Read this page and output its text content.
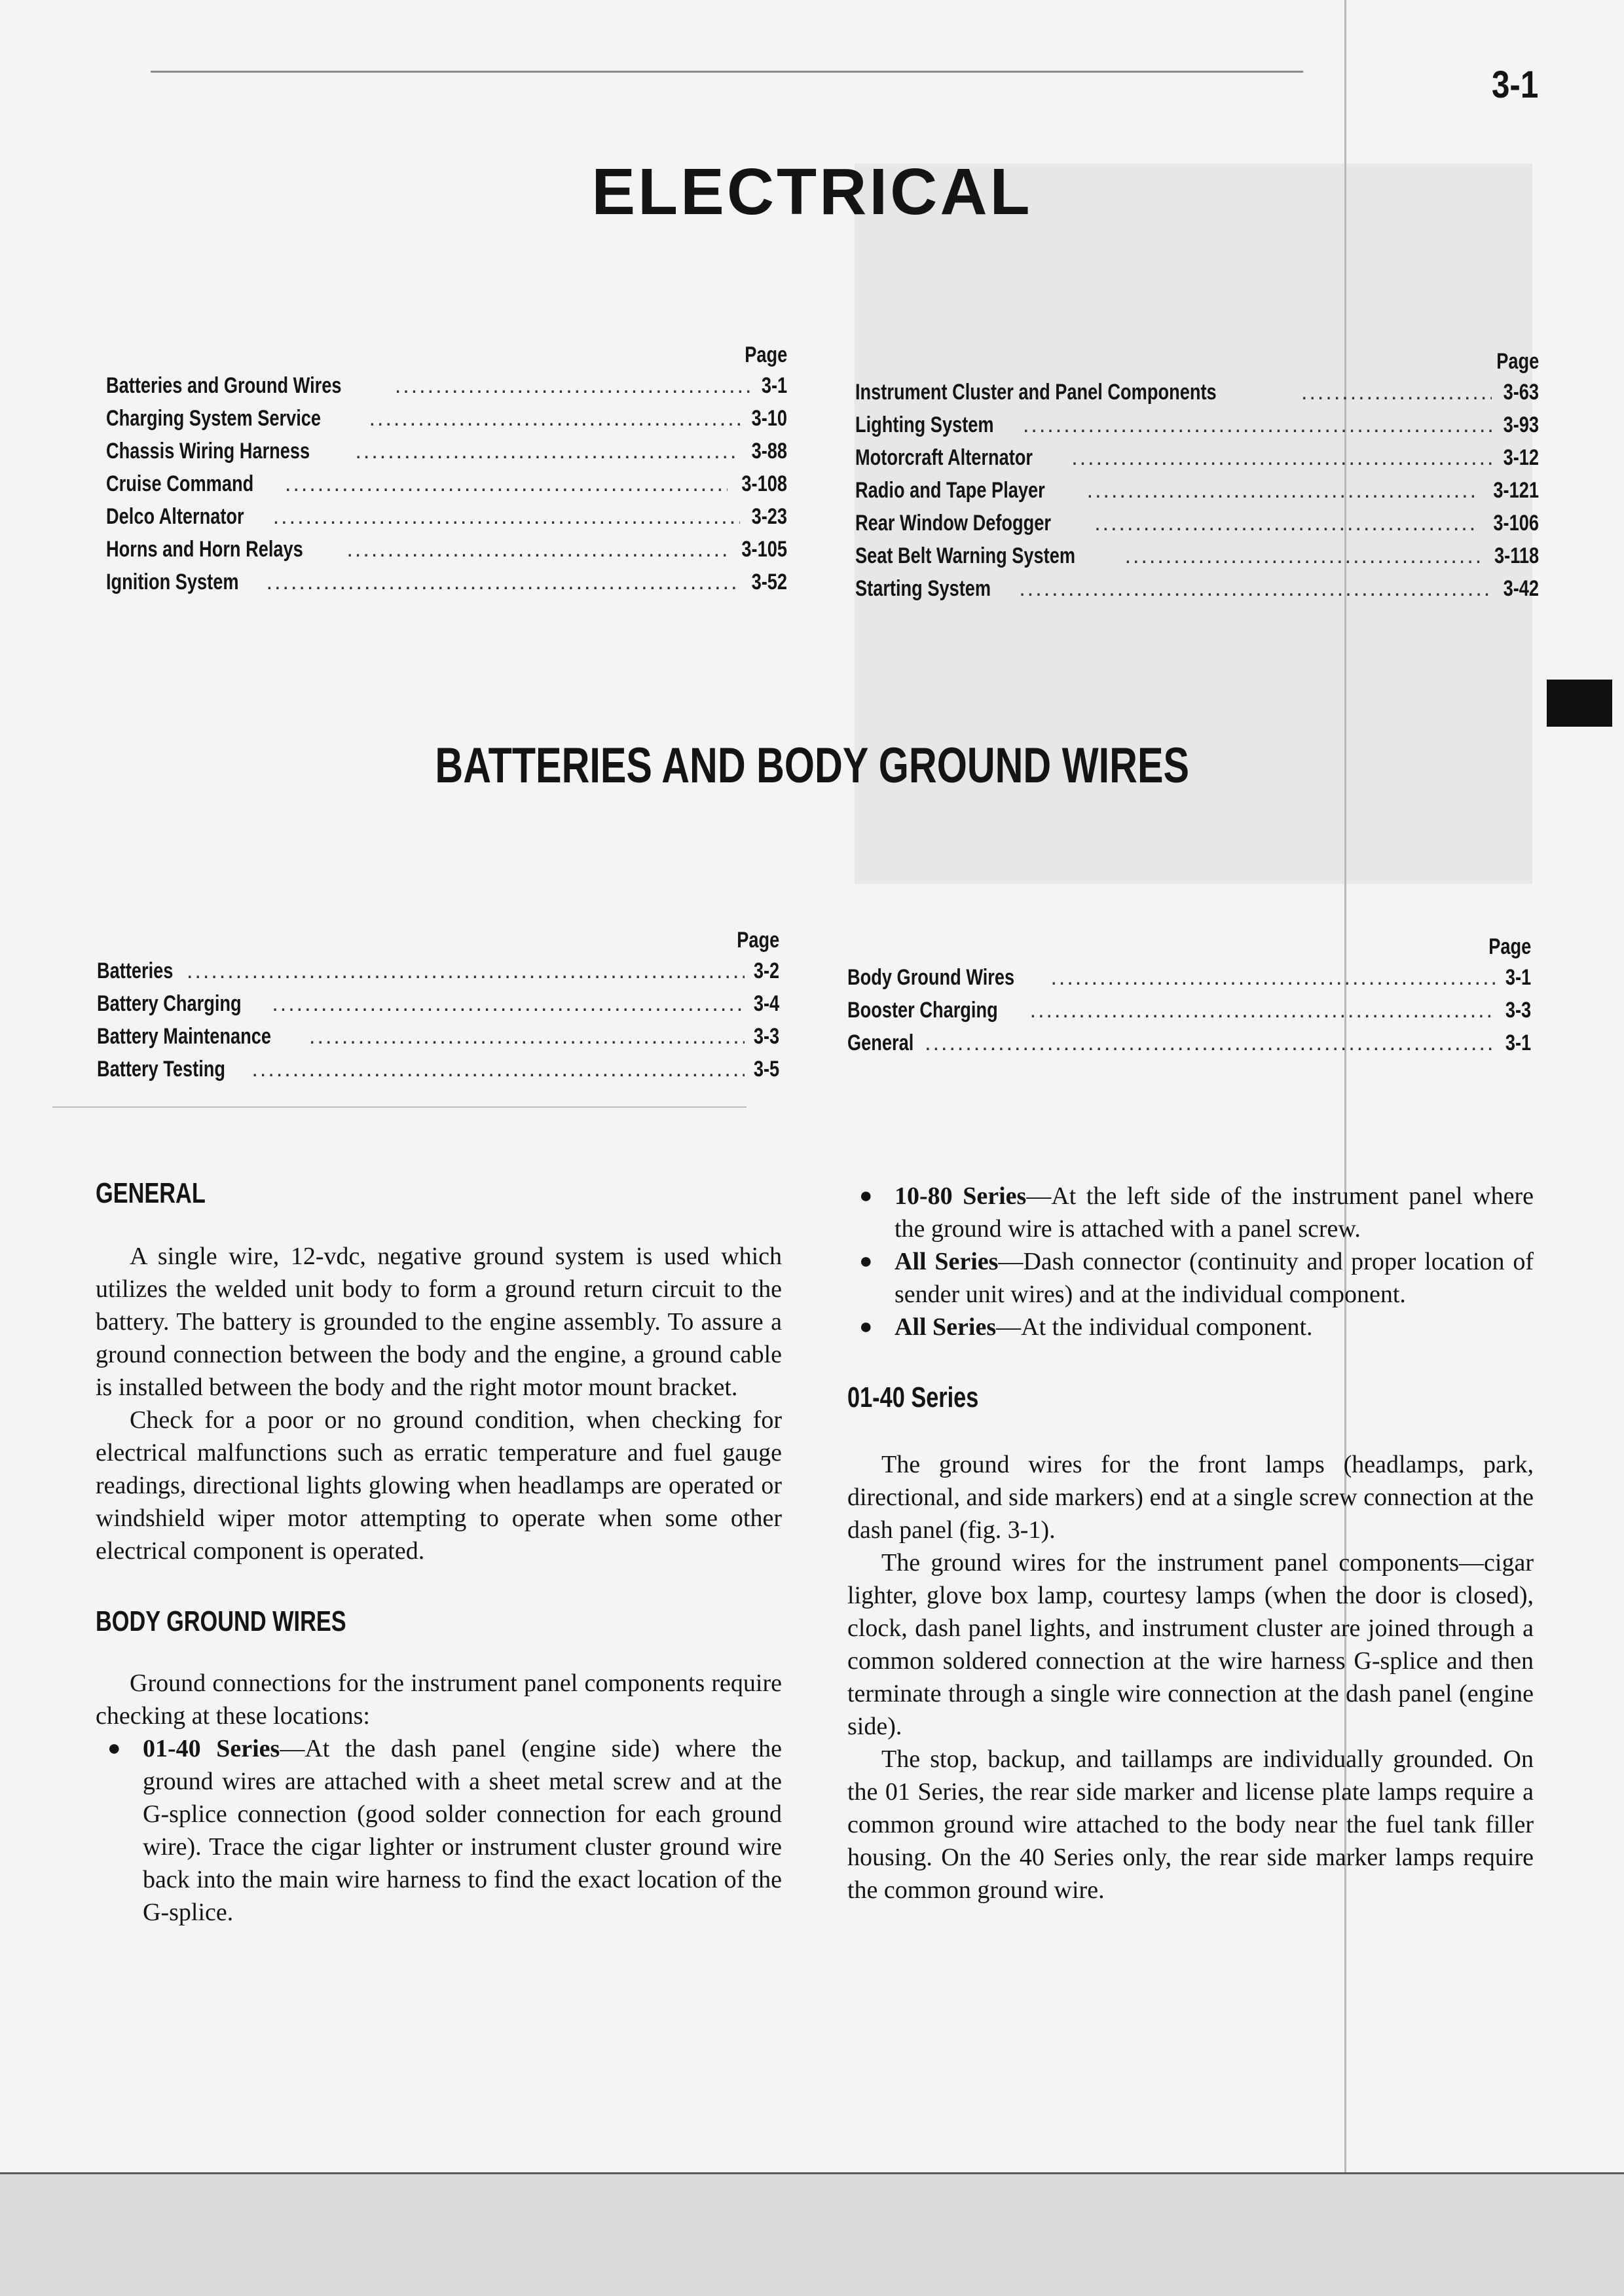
3-1
ELECTRICAL
Page
Batteries and Ground Wires .....	3-1
Charging System Service .....	3-10
Chassis Wiring Harness .....	3-88
Cruise Command .....	3-108
Delco Alternator .....	3-23
Horns and Horn Relays .....	3-105
Ignition System .....	3-52
Page
Instrument Cluster and Panel Components .....	3-63
Lighting System .....	3-93
Motorcraft Alternator .....	3-12
Radio and Tape Player .....	3-121
Rear Window Defogger .....	3-106
Seat Belt Warning System .....	3-118
Starting System .....	3-42
BATTERIES AND BODY GROUND WIRES
Page
Batteries .....	3-2
Battery Charging .....	3-4
Battery Maintenance .....	3-3
Battery Testing .....	3-5
Page
Body Ground Wires .....	3-1
Booster Charging .....	3-3
General .....	3-1
GENERAL

A single wire, 12-vdc, negative ground system is used which utilizes the welded unit body to form a ground return circuit to the battery. The battery is grounded to the engine assembly. To assure a ground connection between the body and the engine, a ground cable is installed between the body and the right motor mount bracket.

Check for a poor or no ground condition, when checking for electrical malfunctions such as erratic temperature and fuel gauge readings, directional lights glowing when headlamps are operated or windshield wiper motor attempting to operate when some other electrical component is operated.

BODY GROUND WIRES

Ground connections for the instrument panel components require checking at these locations:

● 01-40 Series—At the dash panel (engine side) where the ground wires are attached with a sheet metal screw and at the G-splice connection (good solder connection for each ground wire). Trace the cigar lighter or instrument cluster ground wire back into the main wire harness to find the exact location of the G-splice.
● 10-80 Series—At the left side of the instrument panel where the ground wire is attached with a panel screw.
● All Series—Dash connector (continuity and proper location of sender unit wires) and at the individual component.
● All Series—At the individual component.
01-40 Series

The ground wires for the front lamps (headlamps, park, directional, and side markers) end at a single screw connection at the dash panel (fig. 3-1).

The ground wires for the instrument panel components—cigar lighter, glove box lamp, courtesy lamps (when the door is closed), clock, dash panel lights, and instrument cluster are joined through a common soldered connection at the wire harness G-splice and then terminate through a single wire connection at the dash panel (engine side).

The stop, backup, and taillamps are individually grounded. On the 01 Series, the rear side marker and license plate lamps require a common ground wire attached to the body near the fuel tank filler housing. On the 40 Series only, the rear side marker lamps require the common ground wire.
